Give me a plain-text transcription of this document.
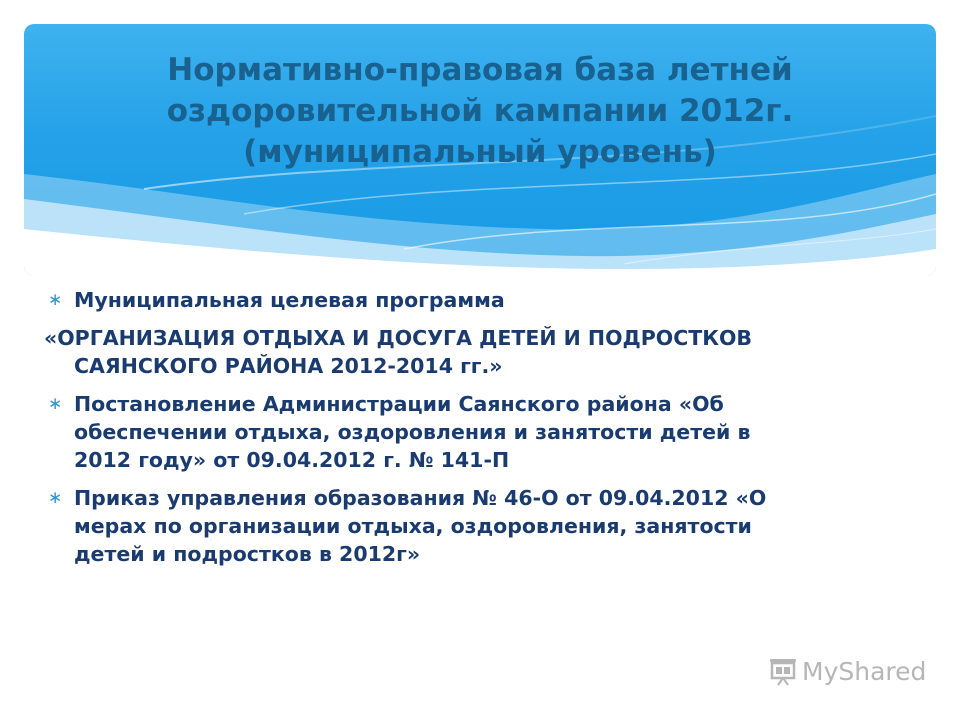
Нормативно-правовая база летней
оздоровительной кампании 2012г.
(муниципальный уровень)

∗ Муниципальная целевая программа

«ОРГАНИЗАЦИЯ ОТДЫХА И ДОСУГА ДЕТЕЙ И ПОДРОСТКОВ
САЯНСКОГО РАЙОНА 2012-2014 гг.»

∗ Постановление Администрации Саянского района «Об
обеспечении отдыха, оздоровления и занятости детей в
2012 году» от 09.04.2012 г. № 141-П

∗ Приказ управления образования № 46-О от 09.04.2012 «О
мерах по организации отдыха, оздоровления, занятости
детей и подростков в 2012г»

MyShared
